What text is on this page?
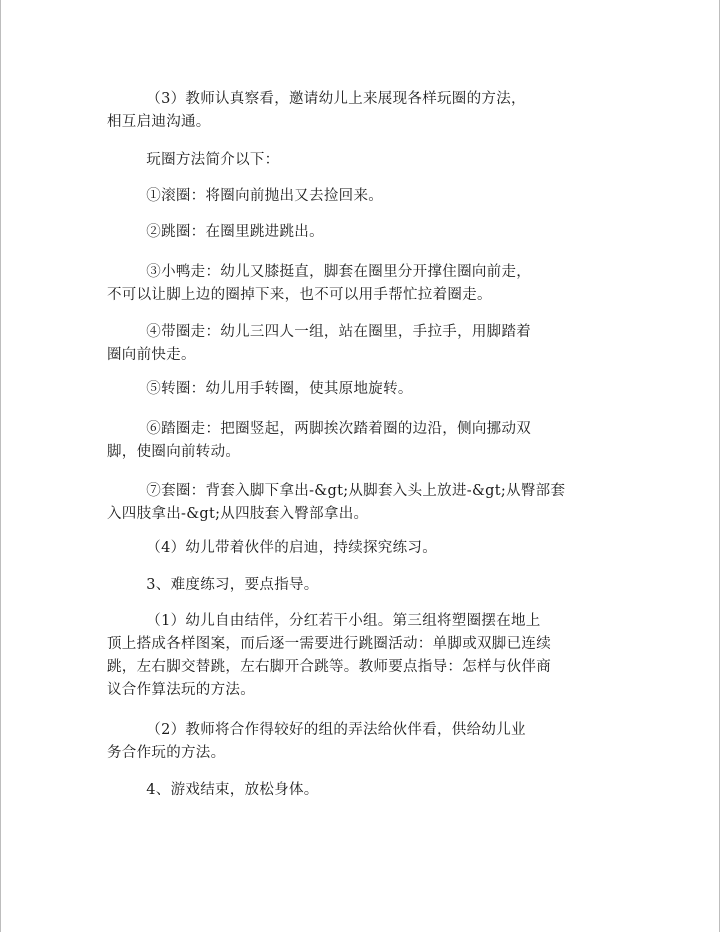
（3）教师认真察看，邀请幼儿上来展现各样玩圈的方法，
相互启迪沟通。
玩圈方法简介以下：
①滚圈：将圈向前抛出又去捡回来。
②跳圈：在圈里跳进跳出。
③小鸭走：幼儿又膝挺直，脚套在圈里分开撑住圈向前走，
不可以让脚上边的圈掉下来，也不可以用手帮忙拉着圈走。
④带圈走：幼儿三四人一组，站在圈里，手拉手，用脚踏着
圈向前快走。
⑤转圈：幼儿用手转圈，使其原地旋转。
⑥踏圈走：把圈竖起，两脚挨次踏着圈的边沿，侧向挪动双
脚，使圈向前转动。
⑦套圈：背套入脚下拿出-&gt;从脚套入头上放进-&gt;从臀部套
入四肢拿出-&gt;从四肢套入臀部拿出。
（4）幼儿带着伙伴的启迪，持续探究练习。
3、难度练习，要点指导。
（1）幼儿自由结伴，分红若干小组。第三组将塑圈摆在地上
顶上搭成各样图案，而后逐一需要进行跳圈活动：单脚或双脚已连续
跳，左右脚交替跳，左右脚开合跳等。教师要点指导：怎样与伙伴商
议合作算法玩的方法。
（2）教师将合作得较好的组的弄法给伙伴看，供给幼儿业
务合作玩的方法。
4、游戏结束，放松身体。
